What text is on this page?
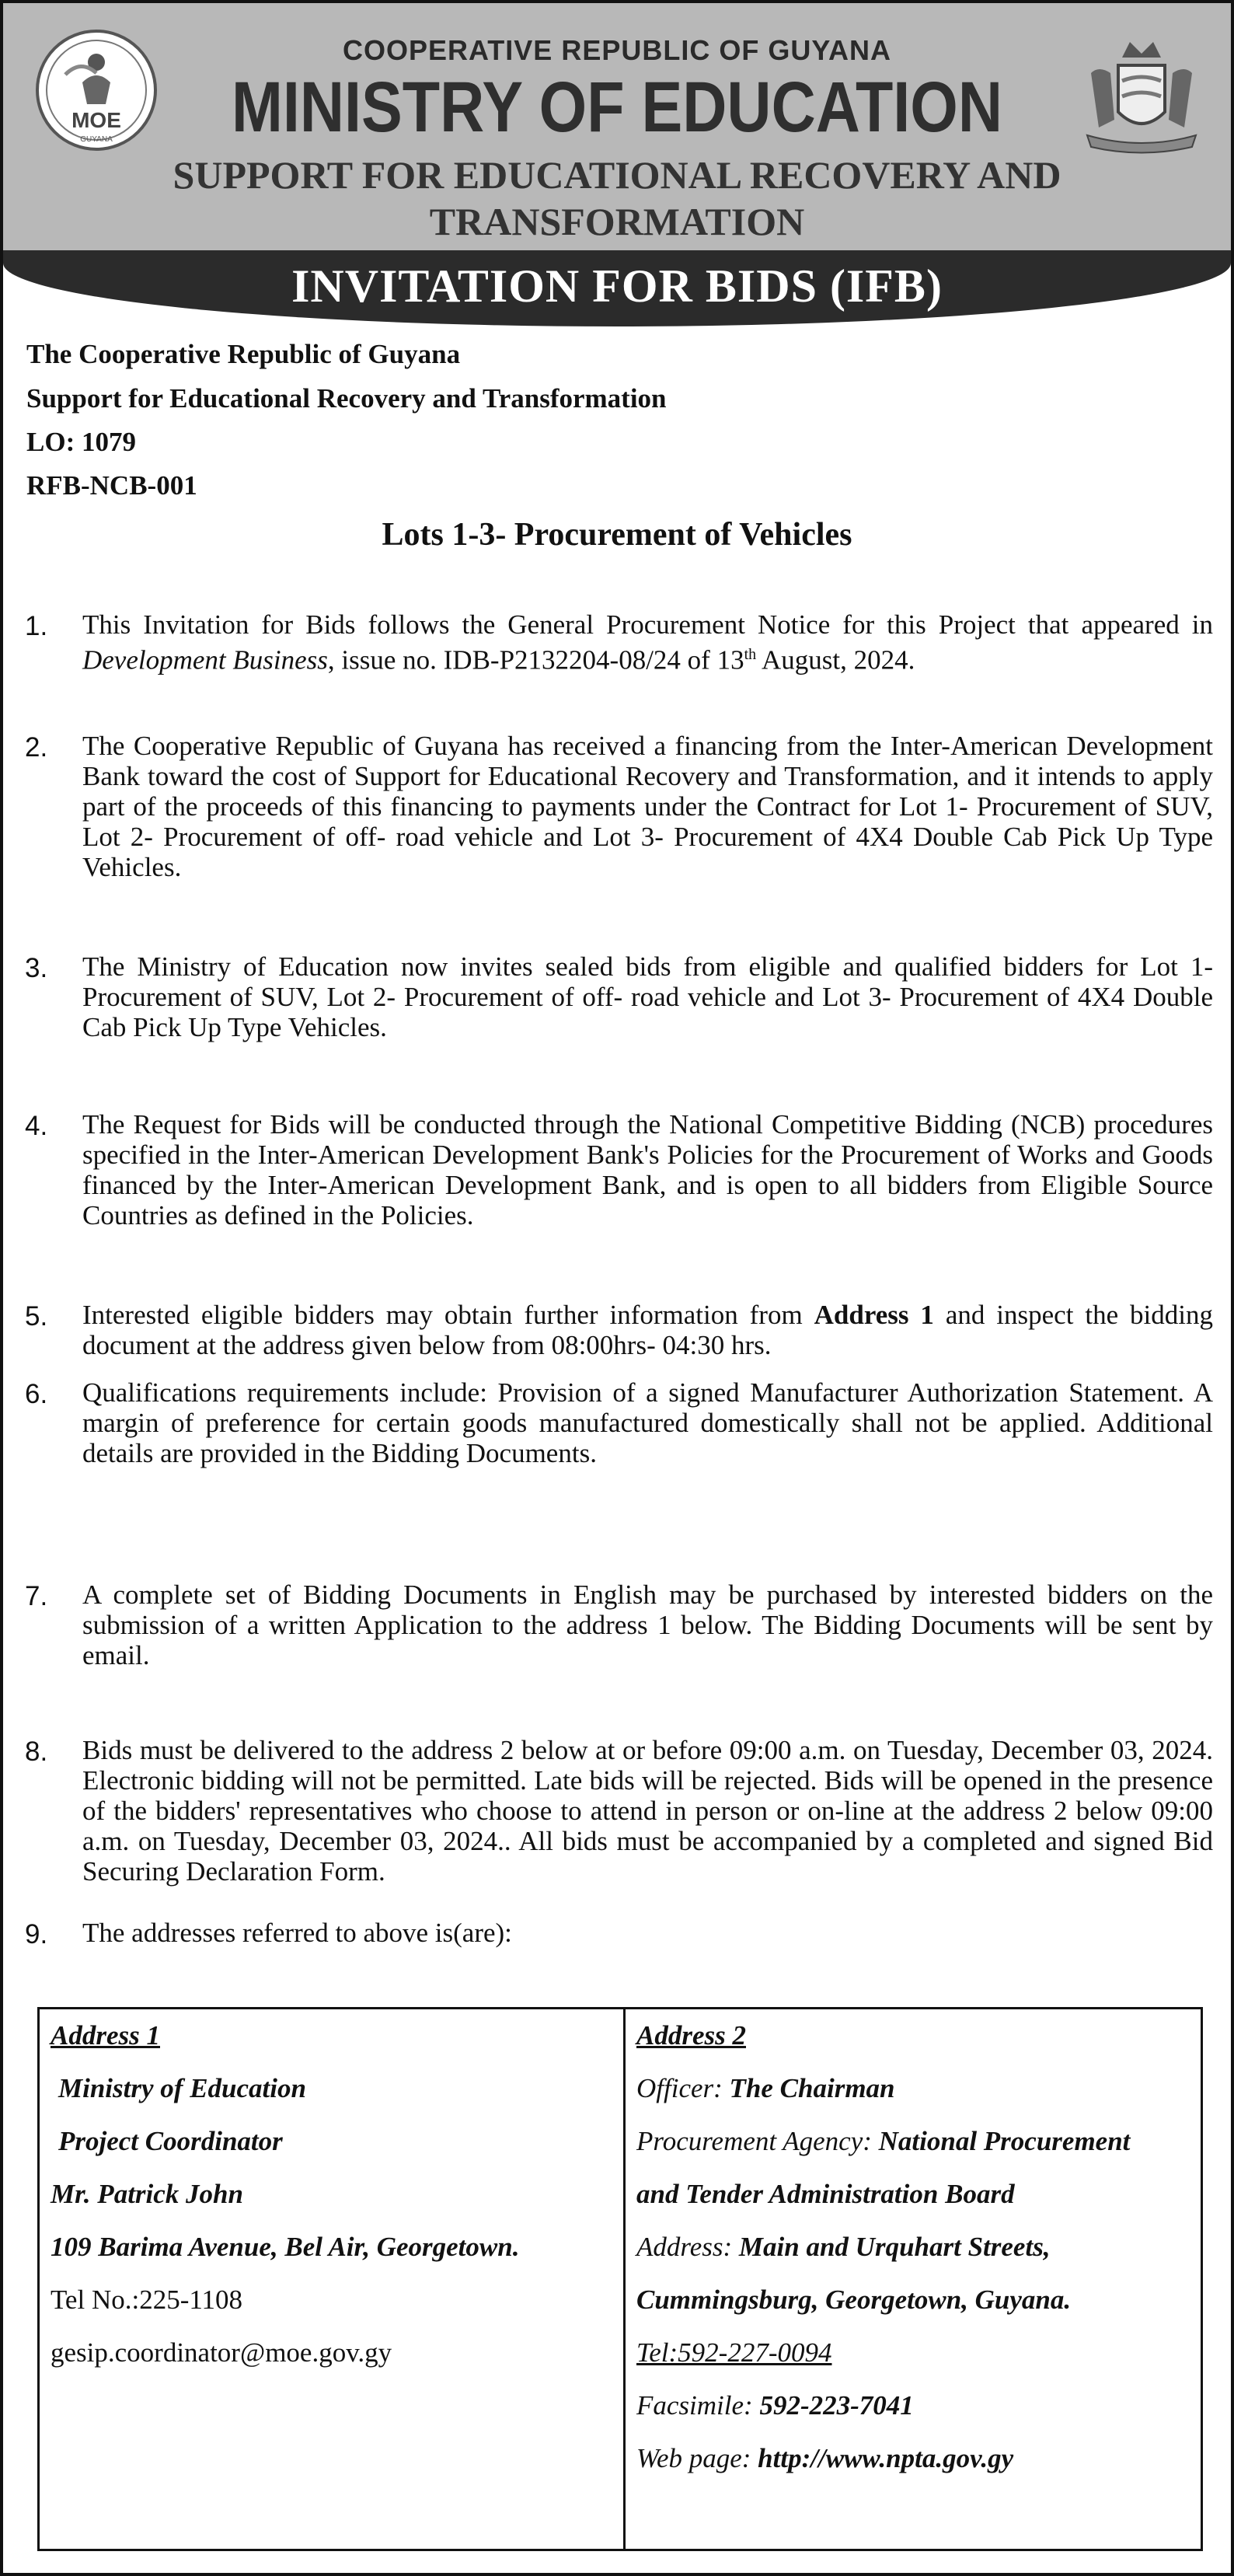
MOE
GUYANA
COOPERATIVE REPUBLIC OF GUYANA
MINISTRY OF EDUCATION
SUPPORT FOR EDUCATIONAL RECOVERY AND
TRANSFORMATION
INVITATION FOR BIDS (IFB)
The Cooperative Republic of Guyana
Support for Educational Recovery and Transformation
LO: 1079
RFB-NCB-001
Lots 1-3- Procurement of Vehicles
1. This Invitation for Bids follows the General Procurement Notice for this Project that appeared in Development Business, issue no. IDB-P2132204-08/24 of 13th August, 2024.
2. The Cooperative Republic of Guyana has received a financing from the Inter-American Development Bank toward the cost of Support for Educational Recovery and Transformation, and it intends to apply part of the proceeds of this financing to payments under the Contract for Lot 1- Procurement of SUV, Lot 2- Procurement of off- road vehicle and Lot 3- Procurement of 4X4 Double Cab Pick Up Type Vehicles.
3. The Ministry of Education now invites sealed bids from eligible and qualified bidders for Lot 1- Procurement of SUV, Lot 2- Procurement of off- road vehicle and Lot 3- Procurement of 4X4 Double Cab Pick Up Type Vehicles.
4. The Request for Bids will be conducted through the National Competitive Bidding (NCB) procedures specified in the Inter-American Development Bank's Policies for the Procurement of Works and Goods financed by the Inter-American Development Bank, and is open to all bidders from Eligible Source Countries as defined in the Policies.
5. Interested eligible bidders may obtain further information from Address 1 and inspect the bidding document at the address given below from 08:00hrs- 04:30 hrs.
6. Qualifications requirements include: Provision of a signed Manufacturer Authorization Statement. A margin of preference for certain goods manufactured domestically shall not be applied. Additional details are provided in the Bidding Documents.
7. A complete set of Bidding Documents in English may be purchased by interested bidders on the submission of a written Application to the address 1 below. The Bidding Documents will be sent by email.
8. Bids must be delivered to the address 2 below at or before 09:00 a.m. on Tuesday, December 03, 2024. Electronic bidding will not be permitted. Late bids will be rejected. Bids will be opened in the presence of the bidders' representatives who choose to attend in person or on-line at the address 2 below 09:00 a.m. on Tuesday, December 03, 2024.. All bids must be accompanied by a completed and signed Bid Securing Declaration Form.
9. The addresses referred to above is(are):
Address 1
Ministry of Education
Project Coordinator
Mr. Patrick John
109 Barima Avenue, Bel Air, Georgetown.
Tel No.:225-1108
gesip.coordinator@moe.gov.gy
Address 2
Officer: The Chairman
Procurement Agency: National Procurement
and Tender Administration Board
Address: Main and Urquhart Streets,
Cummingsburg, Georgetown, Guyana.
Tel:592-227-0094
Facsimile: 592-223-7041
Web page: http://www.npta.gov.gy
